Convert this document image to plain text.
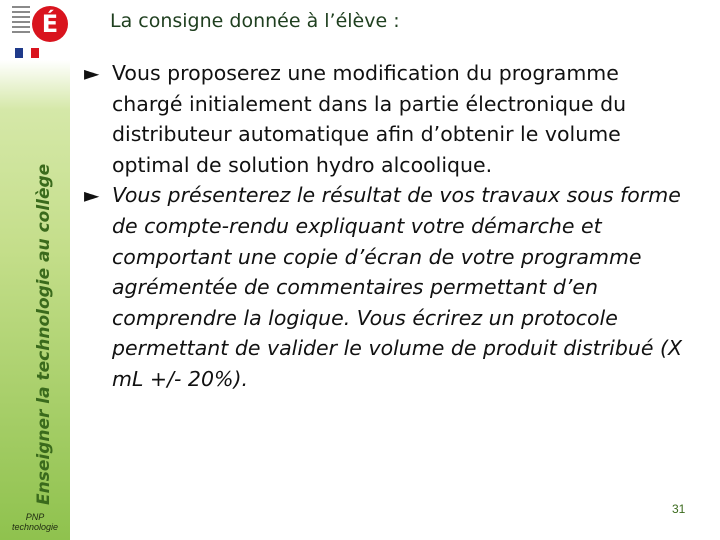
É
Enseigner la technologie au collège
PNP
technologie
La consigne donnée à l’élève :

► Vous proposerez une modification du programme chargé initialement dans la partie électronique du distributeur automatique afin d’obtenir le volume optimal de solution hydro alcoolique.

► Vous présenterez le résultat de vos travaux sous forme de compte-rendu expliquant votre démarche et comportant une copie d’écran de votre programme agrémentée de commentaires permettant d’en comprendre la logique. Vous écrirez un protocole permettant de valider le volume de produit distribué (X mL +/- 20%).

31
